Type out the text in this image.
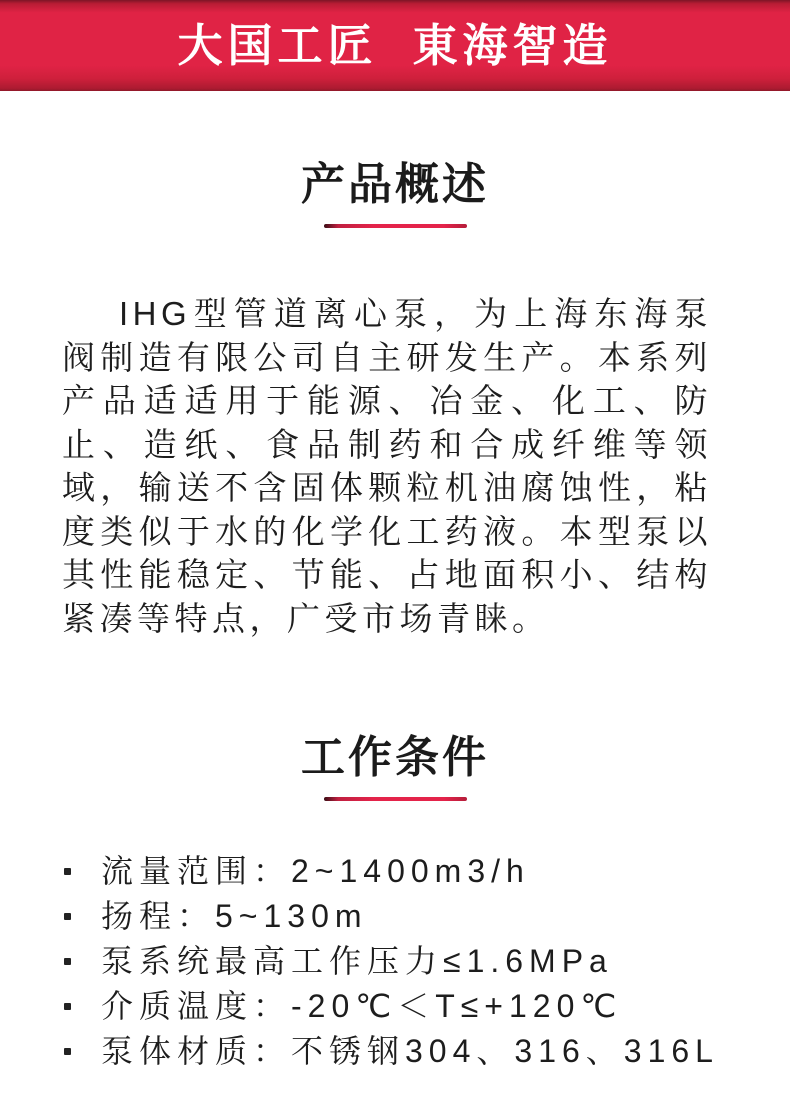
大国工匠  東海智造
产品概述

IHG型管道离心泵，为上海东海泵阀制造有限公司自主研发生产。本系列产品适适用于能源、冶金、化工、防止、造纸、食品制药和合成纤维等领域，输送不含固体颗粒机油腐蚀性，粘度类似于水的化学化工药液。本型泵以其性能稳定、节能、占地面积小、结构紧凑等特点，广受市场青睐。

工作条件
流量范围：2~1400m3/h
扬程：5~130m
泵系统最高工作压力≤1.6MPa
介质温度：-20℃＜T≤+120℃
泵体材质：不锈钢304、316、316L
